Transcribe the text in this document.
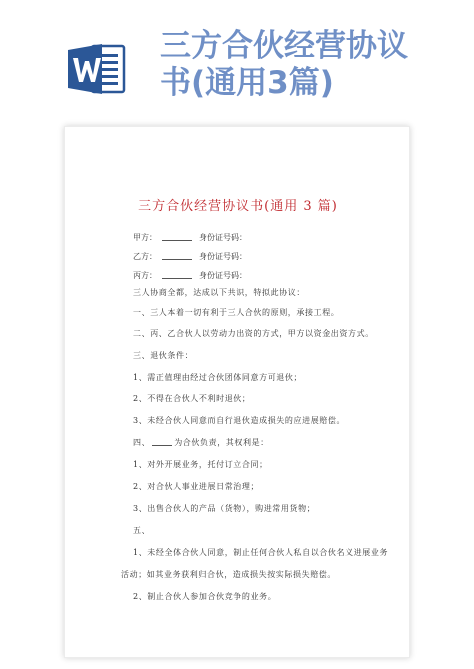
三方合伙经营协议
书(通用3篇)
三方合伙经营协议书(通用 3 篇)
甲方：	身份证号码：
乙方：	身份证号码：
丙方：	身份证号码：
三人协商全都，达成以下共识，特拟此协议：
一、三人本着一切有利于三人合伙的原则，承接工程。
二、丙、乙合伙人以劳动力出资的方式，甲方以资金出资方式。
三、退伙条件：
1、需正值理由经过合伙团体同意方可退伙；
2、不得在合伙人不利时退伙；
3、未经合伙人同意而自行退伙造成损失的应进展赔偿。
四、	为合伙负责，其权利是：
1、对外开展业务，托付订立合同；
2、对合伙人事业进展日常治理；
3、出售合伙人的产品（货物），购进常用货物；
五、
1、未经全体合伙人同意，制止任何合伙人私自以合伙名义进展业务
活动；如其业务获利归合伙，造成损失按实际损失赔偿。
2、制止合伙人参加合伙竞争的业务。
